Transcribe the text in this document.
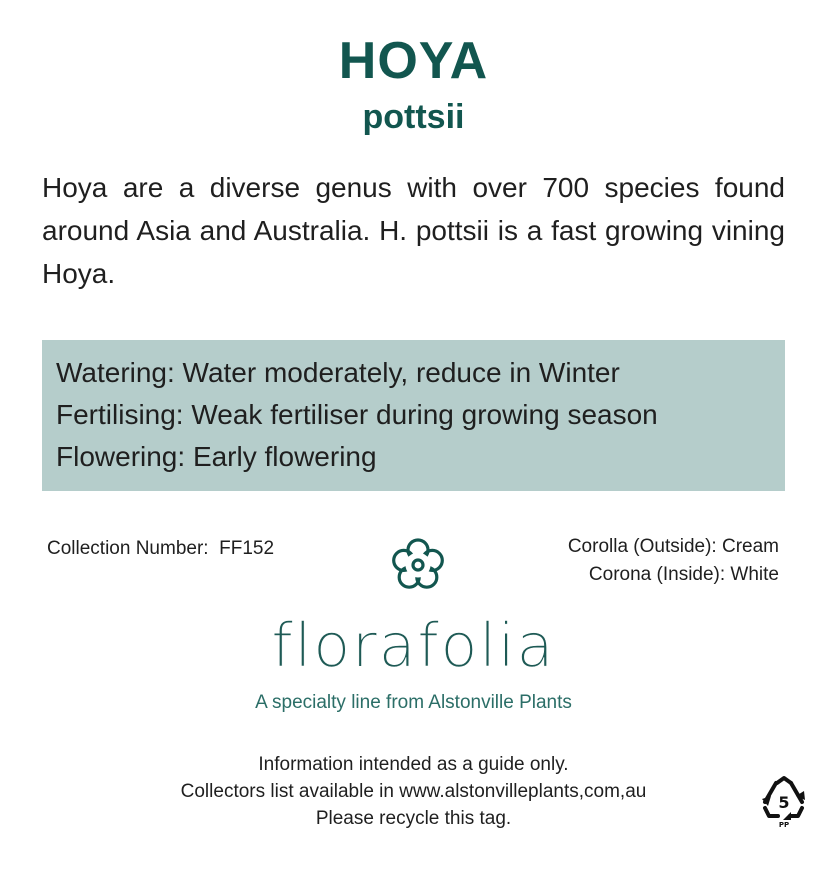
HOYA
pottsii
Hoya are a diverse genus with over 700 species found around Asia and Australia. H. pottsii is a fast growing vining Hoya.
Watering: Water moderately, reduce in Winter
Fertilising: Weak fertiliser during growing season
Flowering: Early flowering
Collection Number:  FF152	Corolla (Outside): Cream
Corona (Inside): White
florafolia
A specialty line from Alstonville Plants
Information intended as a guide only.
Collectors list available in www.alstonvilleplants,com,au
Please recycle this tag.
5
PP
